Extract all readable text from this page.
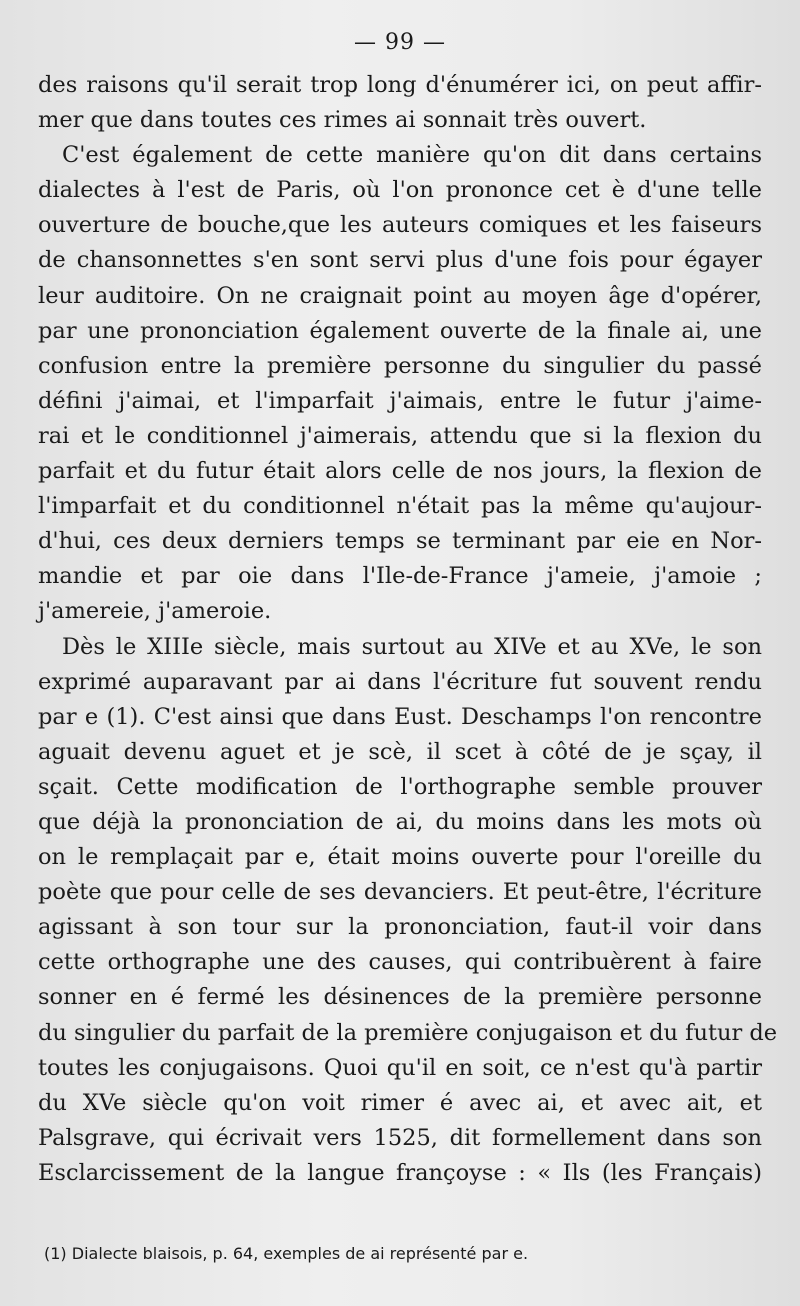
— 99 —
des raisons qu'il serait trop long d'énumérer ici, on peut affir-
mer que dans toutes ces rimes ai sonnait très ouvert.
C'est également de cette manière qu'on dit dans certains
dialectes à l'est de Paris, où l'on prononce cet è d'une telle
ouverture de bouche,que les auteurs comiques et les faiseurs
de chansonnettes s'en sont servi plus d'une fois pour égayer
leur auditoire. On ne craignait point au moyen âge d'opérer,
par une prononciation également ouverte de la finale ai, une
confusion entre la première personne du singulier du passé
défini j'aimai, et l'imparfait j'aimais, entre le futur j'aime-
rai et le conditionnel j'aimerais, attendu que si la flexion du
parfait et du futur était alors celle de nos jours, la flexion de
l'imparfait et du conditionnel n'était pas la même qu'aujour-
d'hui, ces deux derniers temps se terminant par eie en Nor-
mandie et par oie dans l'Ile-de-France j'ameie, j'amoie ;
j'amereie, j'ameroie.
Dès le XIIIe siècle, mais surtout au XIVe et au XVe, le son
exprimé auparavant par ai dans l'écriture fut souvent rendu
par e (1). C'est ainsi que dans Eust. Deschamps l'on rencontre
aguait devenu aguet et je scè, il scet à côté de je sçay, il
sçait. Cette modification de l'orthographe semble prouver
que déjà la prononciation de ai, du moins dans les mots où
on le remplaçait par e, était moins ouverte pour l'oreille du
poète que pour celle de ses devanciers. Et peut-être, l'écriture
agissant à son tour sur la prononciation, faut-il voir dans
cette orthographe une des causes, qui contribuèrent à faire
sonner en é fermé les désinences de la première personne
du singulier du parfait de la première conjugaison et du futur de
toutes les conjugaisons. Quoi qu'il en soit, ce n'est qu'à partir
du XVe siècle qu'on voit rimer é avec ai, et avec ait, et
Palsgrave, qui écrivait vers 1525, dit formellement dans son
Esclarcissement de la langue françoyse : « Ils (les Français)
(1) Dialecte blaisois, p. 64, exemples de ai représenté par e.
